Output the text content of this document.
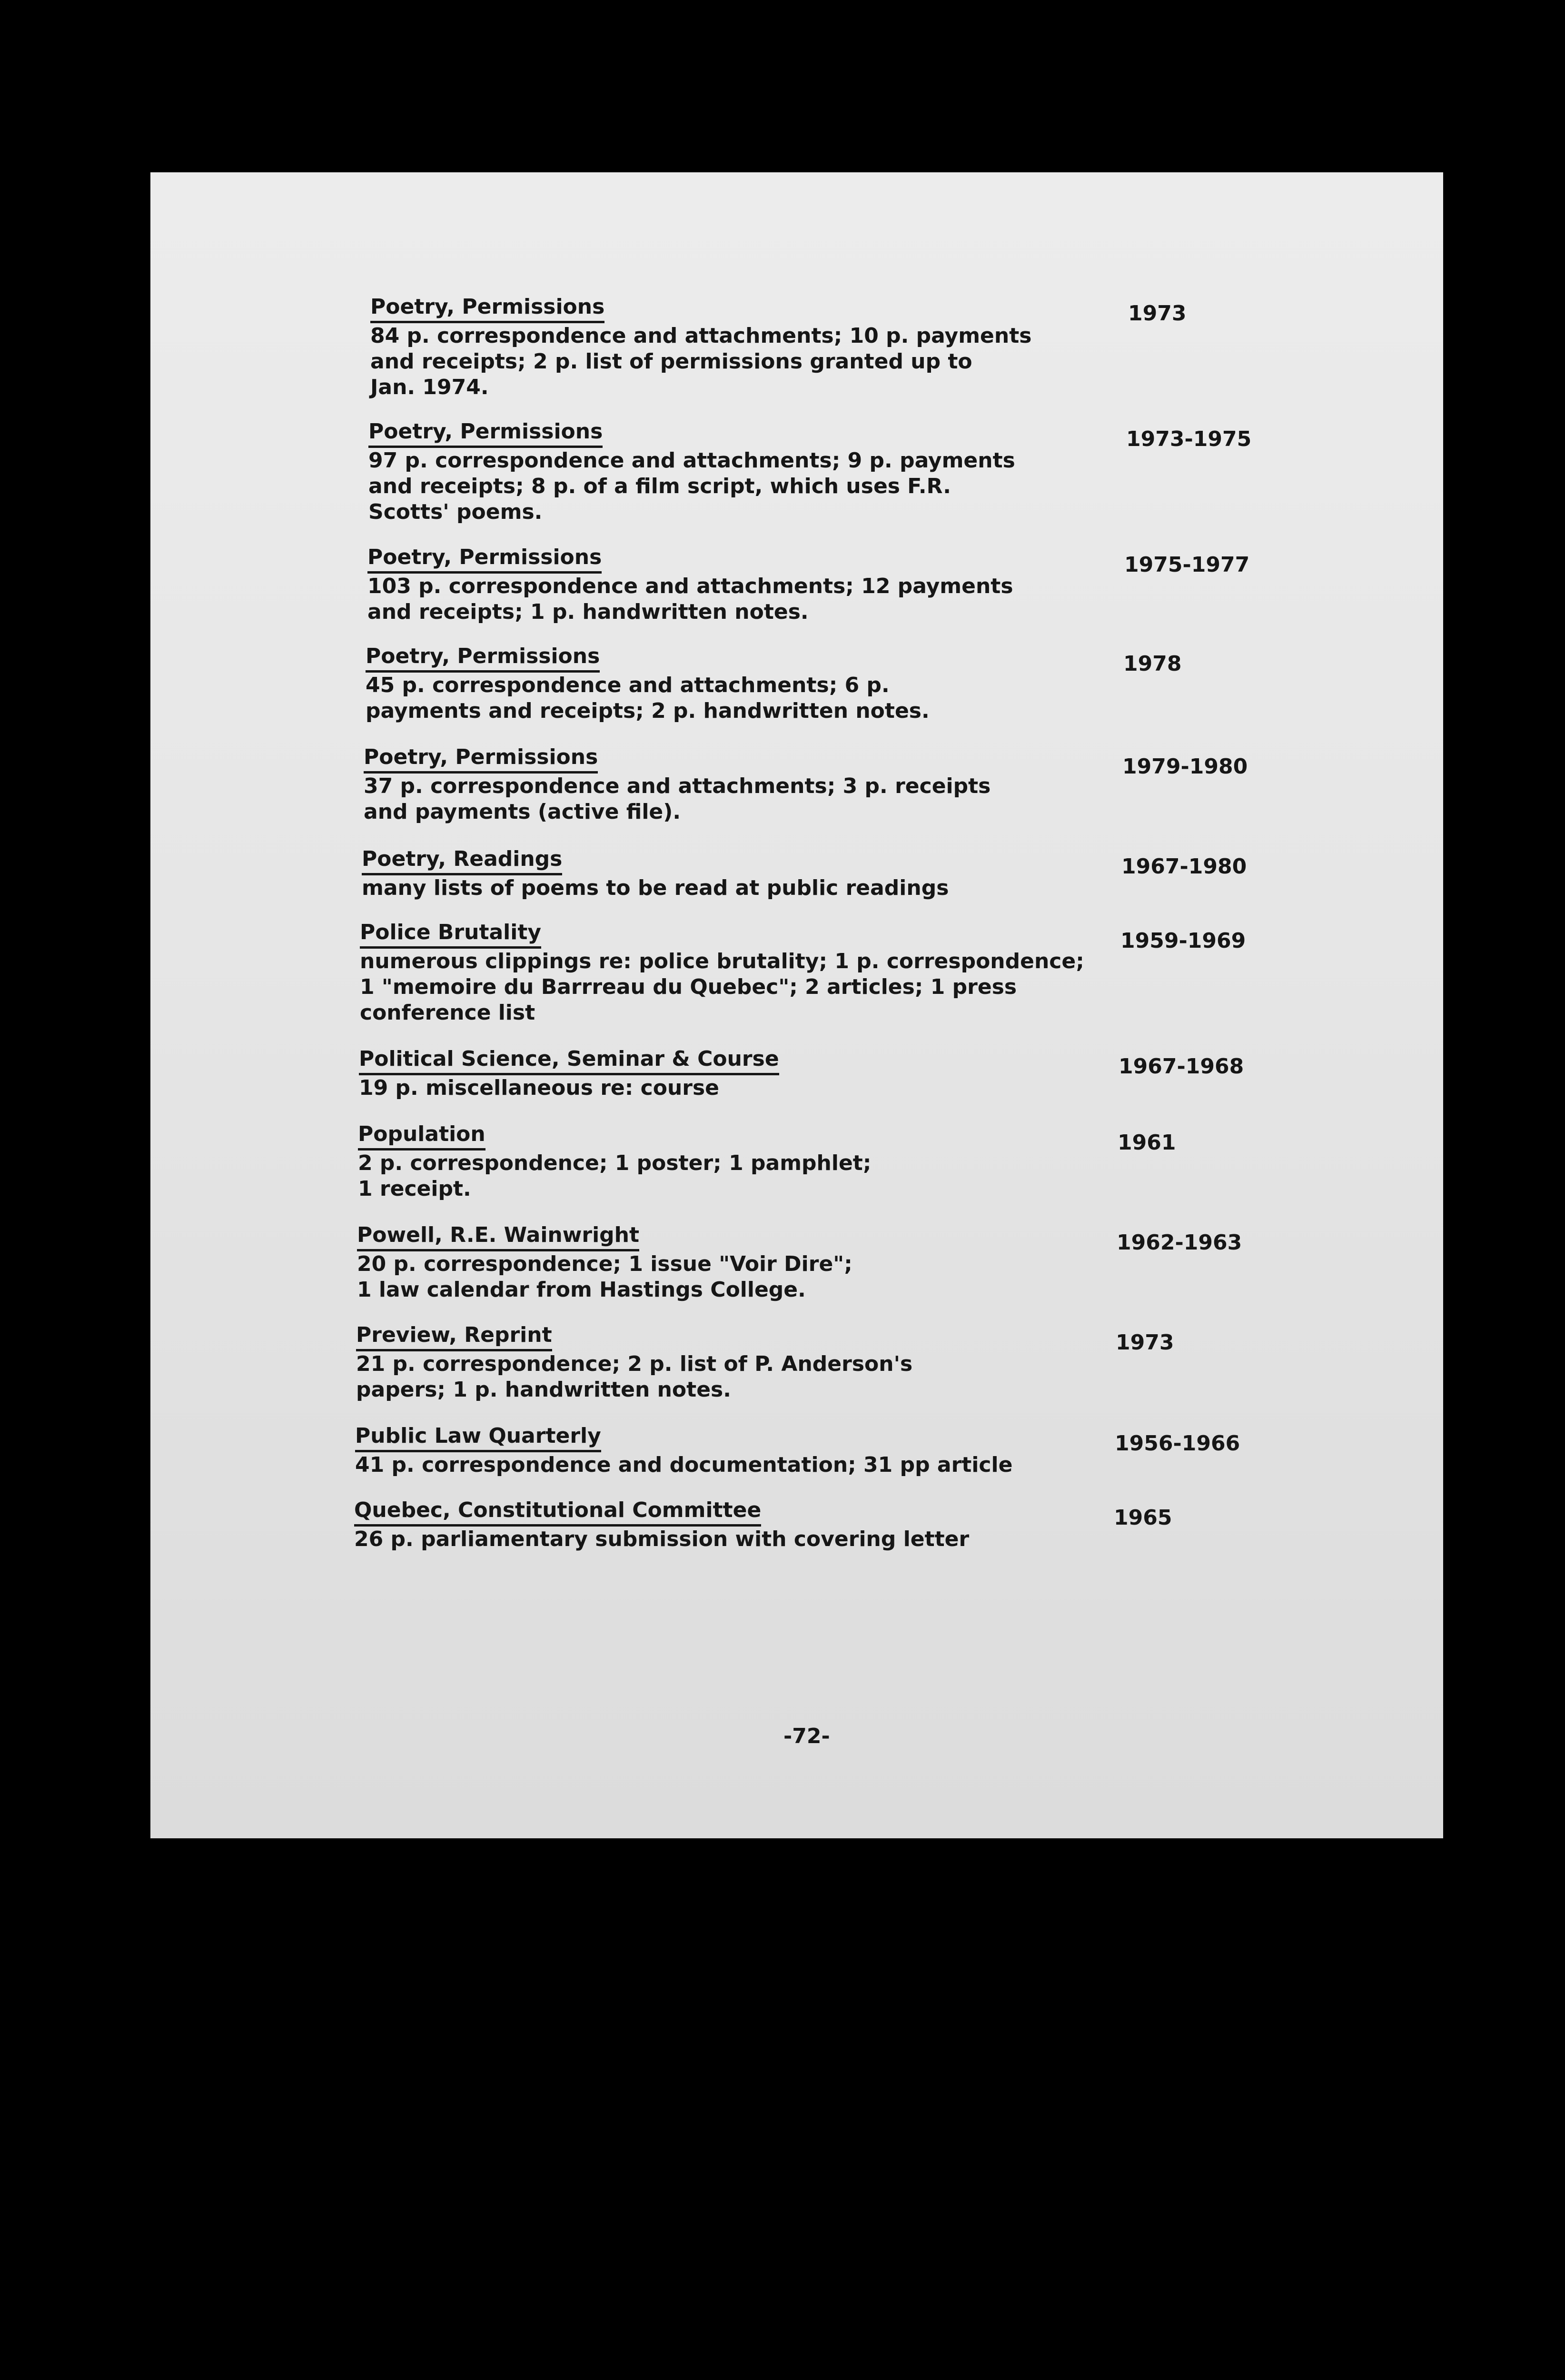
Poetry, Permissions
84 p. correspondence and attachments; 10 p. payments
and receipts; 2 p. list of permissions granted up to
Jan. 1974.
1973
Poetry, Permissions
97 p. correspondence and attachments; 9 p. payments
and receipts; 8 p. of a film script, which uses F.R.
Scotts' poems.
1973-1975
Poetry, Permissions
103 p. correspondence and attachments; 12 payments
and receipts; 1 p. handwritten notes.
1975-1977
Poetry, Permissions
45 p. correspondence and attachments; 6 p.
payments and receipts; 2 p. handwritten notes.
1978
Poetry, Permissions
37 p. correspondence and attachments; 3 p. receipts
and payments (active file).
1979-1980
Poetry, Readings
many lists of poems to be read at public readings
1967-1980
Police Brutality
numerous clippings re: police brutality; 1 p. correspondence;
1 "memoire du Barrreau du Quebec"; 2 articles; 1 press
conference list
1959-1969
Political Science, Seminar & Course
19 p. miscellaneous re: course
1967-1968
Population
2 p. correspondence; 1 poster; 1 pamphlet;
1 receipt.
1961
Powell, R.E. Wainwright
20 p. correspondence; 1 issue "Voir Dire";
1 law calendar from Hastings College.
1962-1963
Preview, Reprint
21 p. correspondence; 2 p. list of P. Anderson's
papers; 1 p. handwritten notes.
1973
Public Law Quarterly
41 p. correspondence and documentation; 31 pp article
1956-1966
Quebec, Constitutional Committee
26 p. parliamentary submission with covering letter
1965
-72-
